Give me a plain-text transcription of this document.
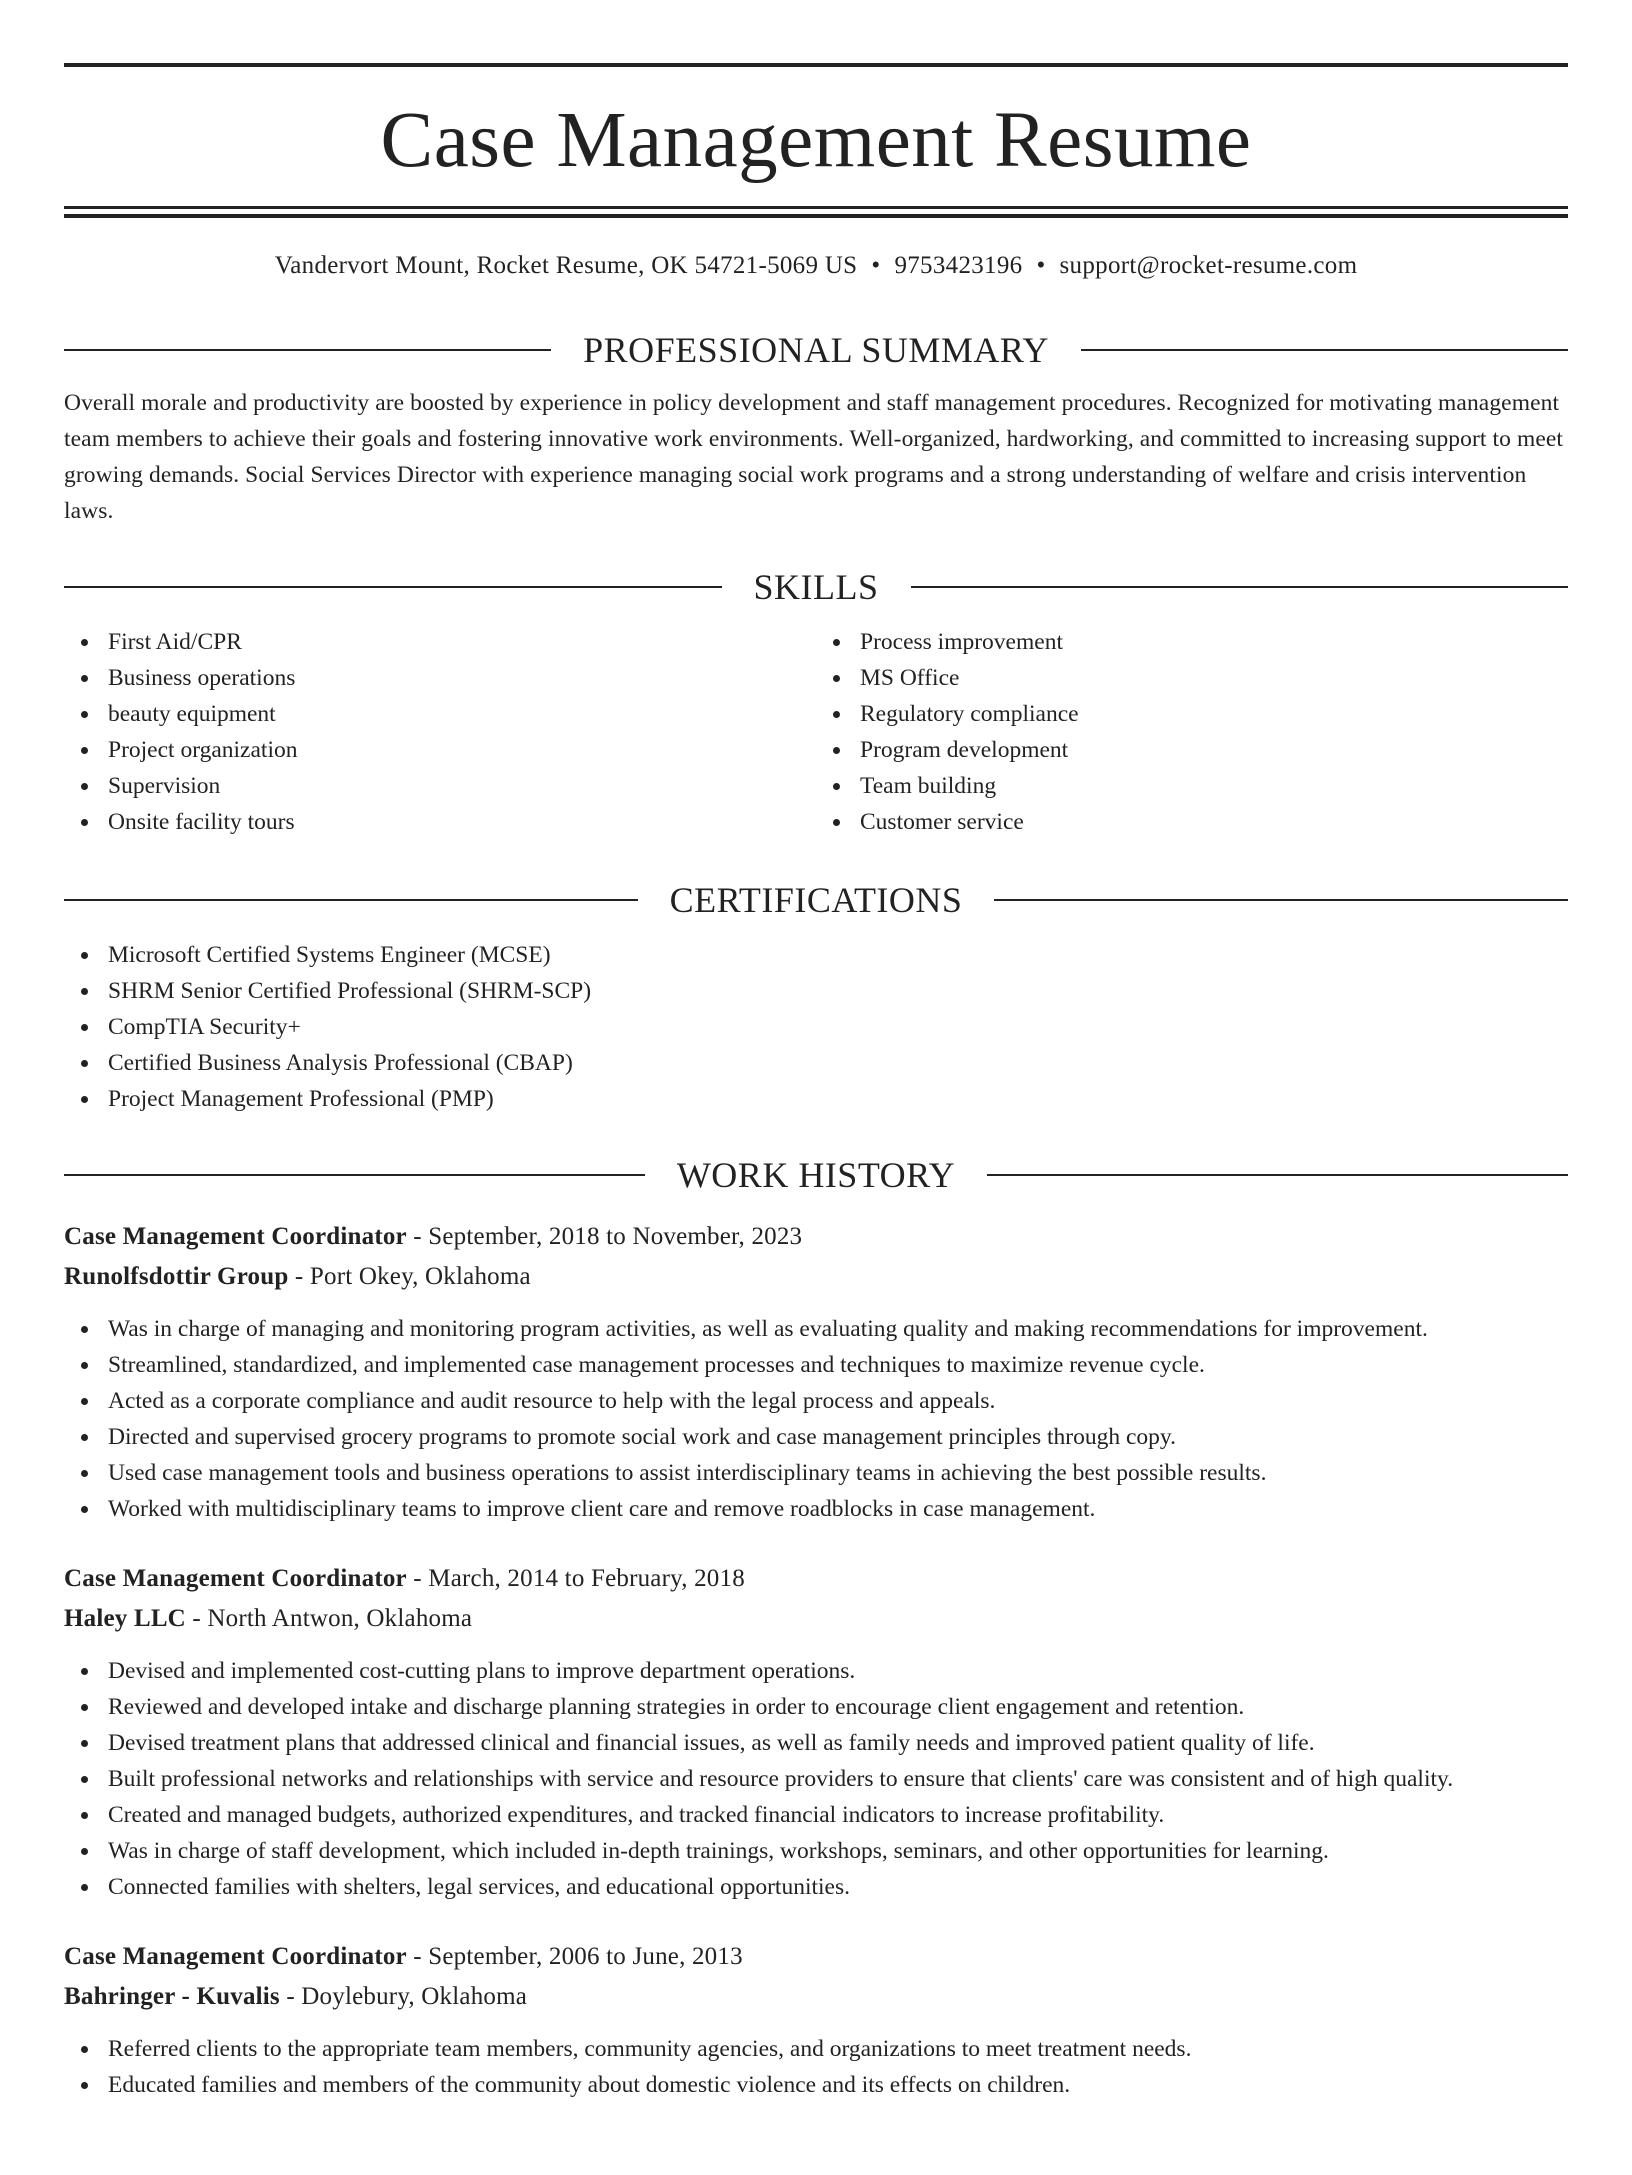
Case Management Resume
Vandervort Mount, Rocket Resume, OK 54721-5069 US • 9753423196 • support@rocket-resume.com
PROFESSIONAL SUMMARY

Overall morale and productivity are boosted by experience in policy development and staff management procedures. Recognized for motivating management team members to achieve their goals and fostering innovative work environments. Well-organized, hardworking, and committed to increasing support to meet growing demands. Social Services Director with experience managing social work programs and a strong understanding of welfare and crisis intervention laws.

SKILLS
First Aid/CPR
Business operations
beauty equipment
Project organization
Supervision
Onsite facility tours
Process improvement
MS Office
Regulatory compliance
Program development
Team building
Customer service
CERTIFICATIONS
Microsoft Certified Systems Engineer (MCSE)
SHRM Senior Certified Professional (SHRM-SCP)
CompTIA Security+
Certified Business Analysis Professional (CBAP)
Project Management Professional (PMP)
WORK HISTORY
Case Management Coordinator - September, 2018 to November, 2023
Runolfsdottir Group - Port Okey, Oklahoma
Was in charge of managing and monitoring program activities, as well as evaluating quality and making recommendations for improvement.
Streamlined, standardized, and implemented case management processes and techniques to maximize revenue cycle.
Acted as a corporate compliance and audit resource to help with the legal process and appeals.
Directed and supervised grocery programs to promote social work and case management principles through copy.
Used case management tools and business operations to assist interdisciplinary teams in achieving the best possible results.
Worked with multidisciplinary teams to improve client care and remove roadblocks in case management.
Case Management Coordinator - March, 2014 to February, 2018
Haley LLC - North Antwon, Oklahoma
Devised and implemented cost-cutting plans to improve department operations.
Reviewed and developed intake and discharge planning strategies in order to encourage client engagement and retention.
Devised treatment plans that addressed clinical and financial issues, as well as family needs and improved patient quality of life.
Built professional networks and relationships with service and resource providers to ensure that clients' care was consistent and of high quality.
Created and managed budgets, authorized expenditures, and tracked financial indicators to increase profitability.
Was in charge of staff development, which included in-depth trainings, workshops, seminars, and other opportunities for learning.
Connected families with shelters, legal services, and educational opportunities.
Case Management Coordinator - September, 2006 to June, 2013
Bahringer - Kuvalis - Doylebury, Oklahoma
Referred clients to the appropriate team members, community agencies, and organizations to meet treatment needs.
Educated families and members of the community about domestic violence and its effects on children.
